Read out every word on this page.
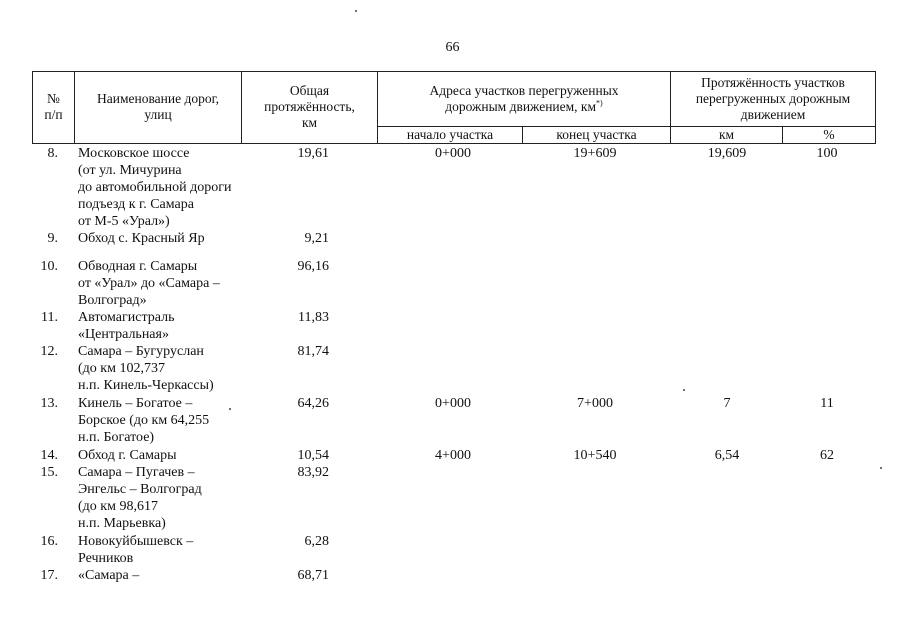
66
№
п/п
Наименование дорог,
улиц
Общая
протяжённость,
км
Адреса участков перегруженных
дорожным движением, км*)
начало участка	конец участка
Протяжённость участков
перегруженных дорожным
движением
км	%
8. Московское шоссе
(от ул. Мичурина
до автомобильной дороги
подъезд к г. Самара
от М-5 «Урал»)
19,61	0+000	19+609	19,609	100
9. Обход с. Красный Яр	9,21
10. Обводная г. Самары
от «Урал» до «Самара –
Волгоград»
96,16
11. Автомагистраль
«Центральная»
11,83
12. Самара – Бугуруслан
(до км 102,737
н.п. Кинель-Черкассы)
81,74
13. Кинель – Богатое –
Борское (до км 64,255
н.п. Богатое)
64,26	0+000	7+000	7	11
14. Обход г. Самары	10,54	4+000	10+540	6,54	62
15. Самара – Пугачев –
Энгельс – Волгоград
(до км 98,617
н.п. Марьевка)
83,92
16. Новокуйбышевск –
Речников
6,28
17. «Самара –	68,71
